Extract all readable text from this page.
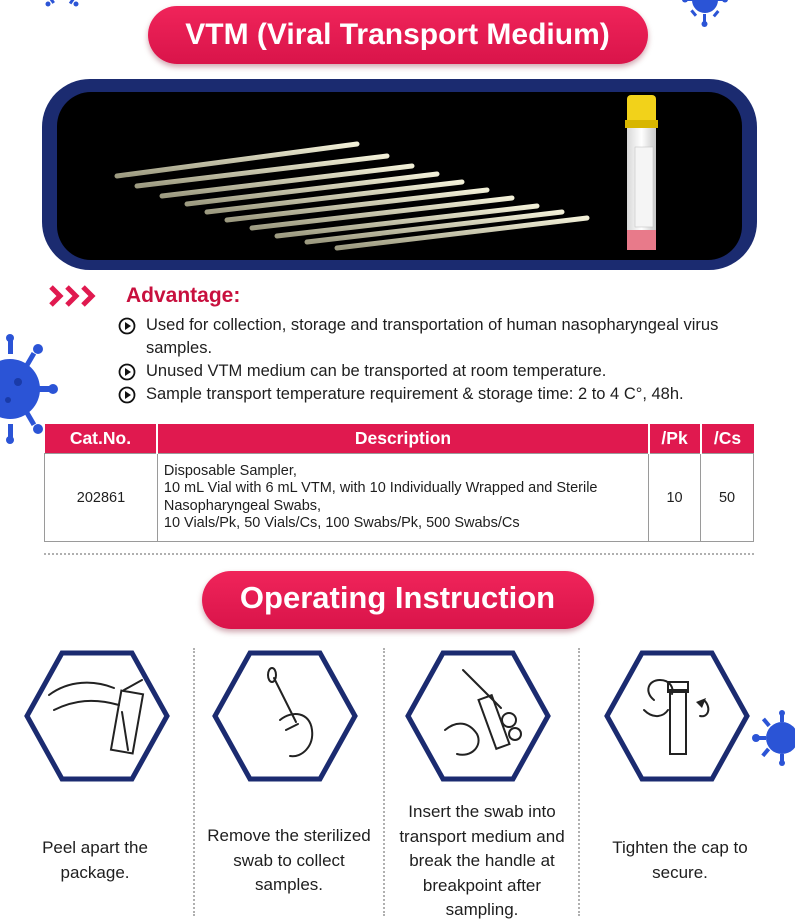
VTM (Viral Transport Medium)
Advantage:
Used for collection, storage and transportation of human nasopharyngeal virus samples.
Unused VTM medium can be transported at room temperature.
Sample transport temperature requirement & storage time: 2 to 4 C°, 48h.
Cat.No.	Description	/Pk	/Cs
202861	Disposable Sampler,
10 mL Vial with 6 mL VTM, with 10 Individually Wrapped and Sterile Nasopharyngeal Swabs,
10 Vials/Pk, 50 Vials/Cs, 100 Swabs/Pk, 500 Swabs/Cs	10	50
Operating Instruction
Peel apart the package.
Remove the sterilized swab to collect samples.
Insert the swab into transport medium and break the handle at breakpoint after sampling.
Tighten the cap to secure.
